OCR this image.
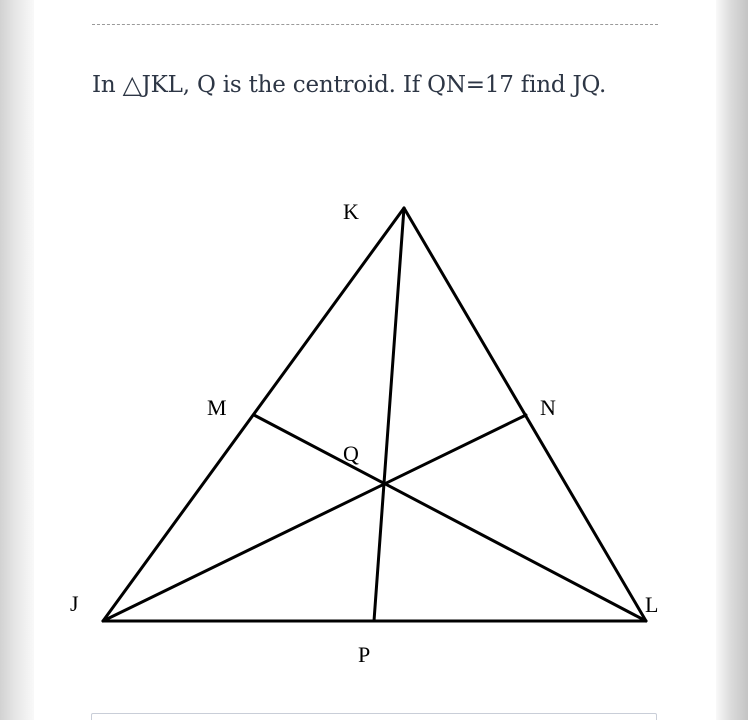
In △JKL, Q is the centroid. If QN=17 find JQ.
K
M	N
Q
J	L
P
